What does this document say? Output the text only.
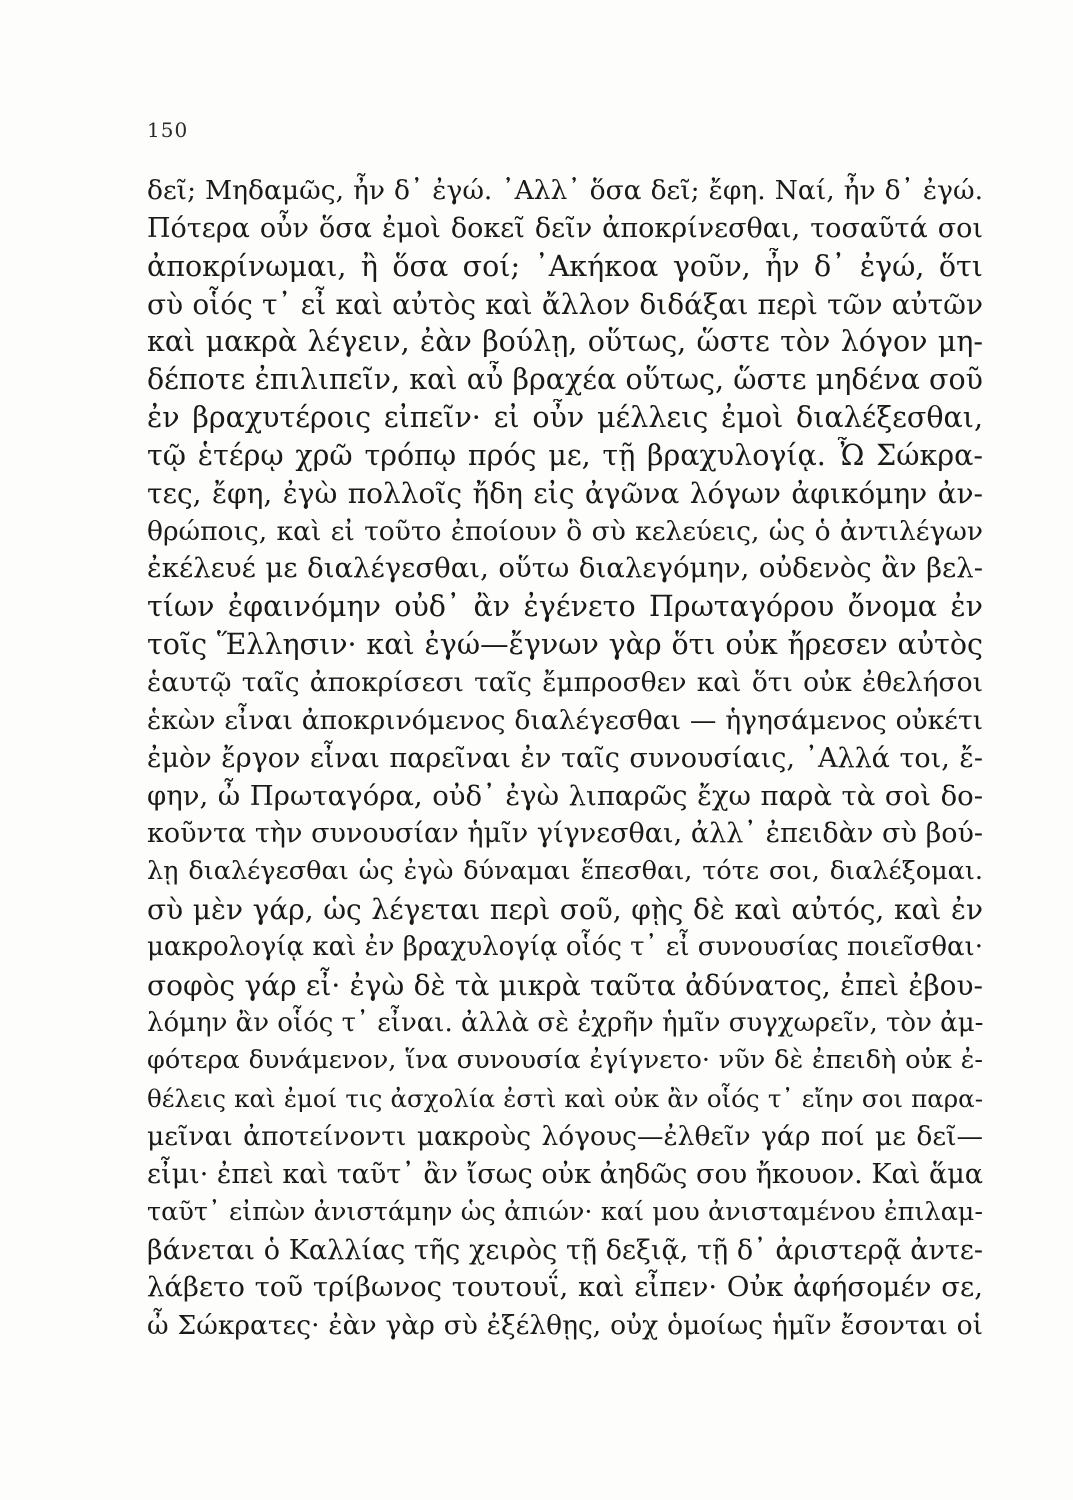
150
δεῖ; Μηδαμῶς, ἦν δ᾽ ἐγώ. ᾽Αλλ᾽ ὅσα δεῖ; ἔφη. Ναί, ἦν δ᾽ ἐγώ.
Πότερα οὖν ὅσα ἐμοὶ δοκεῖ δεῖν ἀποκρίνεσθαι, τοσαῦτά σοι
ἀποκρίνωμαι, ἢ ὅσα σοί; ᾽Ακήκοα γοῦν, ἦν δ᾽ ἐγώ, ὅτι
σὺ οἷός τ᾽ εἶ καὶ αὐτὸς καὶ ἄλλον διδάξαι περὶ τῶν αὐτῶν
καὶ μακρὰ λέγειν, ἐὰν βούλῃ, οὕτως, ὥστε τὸν λόγον μη-
δέποτε ἐπιλιπεῖν, καὶ αὖ βραχέα οὕτως, ὥστε μηδένα σοῦ
ἐν βραχυτέροις εἰπεῖν· εἰ οὖν μέλλεις ἐμοὶ διαλέξεσθαι,
τῷ ἑτέρῳ χρῶ τρόπῳ πρός με, τῇ βραχυλογίᾳ. Ὦ Σώκρα-
τες, ἔφη, ἐγὼ πολλοῖς ἤδη εἰς ἀγῶνα λόγων ἀφικόμην ἀν-
θρώποις, καὶ εἰ τοῦτο ἐποίουν ὃ σὺ κελεύεις, ὡς ὁ ἀντιλέγων
ἐκέλευέ με διαλέγεσθαι, οὕτω διαλεγόμην, οὐδενὸς ἂν βελ-
τίων ἐφαινόμην οὐδ᾽ ἂν ἐγένετο Πρωταγόρου ὄνομα ἐν
τοῖς Ἕλλησιν· καὶ ἐγώ—ἔγνων γὰρ ὅτι οὐκ ἤρεσεν αὐτὸς
ἑαυτῷ ταῖς ἀποκρίσεσι ταῖς ἔμπροσθεν καὶ ὅτι οὐκ ἐθελήσοι
ἑκὼν εἶναι ἀποκρινόμενος διαλέγεσθαι — ἡγησάμενος οὐκέτι
ἐμὸν ἔργον εἶναι παρεῖναι ἐν ταῖς συνουσίαις, ᾽Αλλά τοι, ἔ-
φην, ὦ Πρωταγόρα, οὐδ᾽ ἐγὼ λιπαρῶς ἔχω παρὰ τὰ σοὶ δο-
κοῦντα τὴν συνουσίαν ἡμῖν γίγνεσθαι, ἀλλ᾽ ἐπειδὰν σὺ βού-
λῃ διαλέγεσθαι ὡς ἐγὼ δύναμαι ἕπεσθαι, τότε σοι, διαλέξομαι.
σὺ μὲν γάρ, ὡς λέγεται περὶ σοῦ, φῂς δὲ καὶ αὐτός, καὶ ἐν
μακρολογίᾳ καὶ ἐν βραχυλογίᾳ οἷός τ᾽ εἶ συνουσίας ποιεῖσθαι·
σοφὸς γάρ εἶ· ἐγὼ δὲ τὰ μικρὰ ταῦτα ἀδύνατος, ἐπεὶ ἐβου-
λόμην ἂν οἷός τ᾽ εἶναι. ἀλλὰ σὲ ἐχρῆν ἡμῖν συγχωρεῖν, τὸν ἀμ-
φότερα δυνάμενον, ἵνα συνουσία ἐγίγνετο· νῦν δὲ ἐπειδὴ οὐκ ἐ-
θέλεις καὶ ἐμοί τις ἀσχολία ἐστὶ καὶ οὐκ ἂν οἷός τ᾽ εἴην σοι παρα-
μεῖναι ἀποτείνοντι μακροὺς λόγους—ἐλθεῖν γάρ ποί με δεῖ—
εἶμι· ἐπεὶ καὶ ταῦτ᾽ ἂν ἴσως οὐκ ἀηδῶς σου ἤκουον. Καὶ ἅμα
ταῦτ᾽ εἰπὼν ἀνιστάμην ὡς ἀπιών· καί μου ἀνισταμένου ἐπιλαμ-
βάνεται ὁ Καλλίας τῆς χειρὸς τῇ δεξιᾷ, τῇ δ᾽ ἀριστερᾷ ἀντε-
λάβετο τοῦ τρίβωνος τουτουΐ, καὶ εἶπεν· Οὐκ ἀφήσομέν σε,
ὦ Σώκρατες· ἐὰν γὰρ σὺ ἐξέλθῃς, οὐχ ὁμοίως ἡμῖν ἔσονται οἱ
